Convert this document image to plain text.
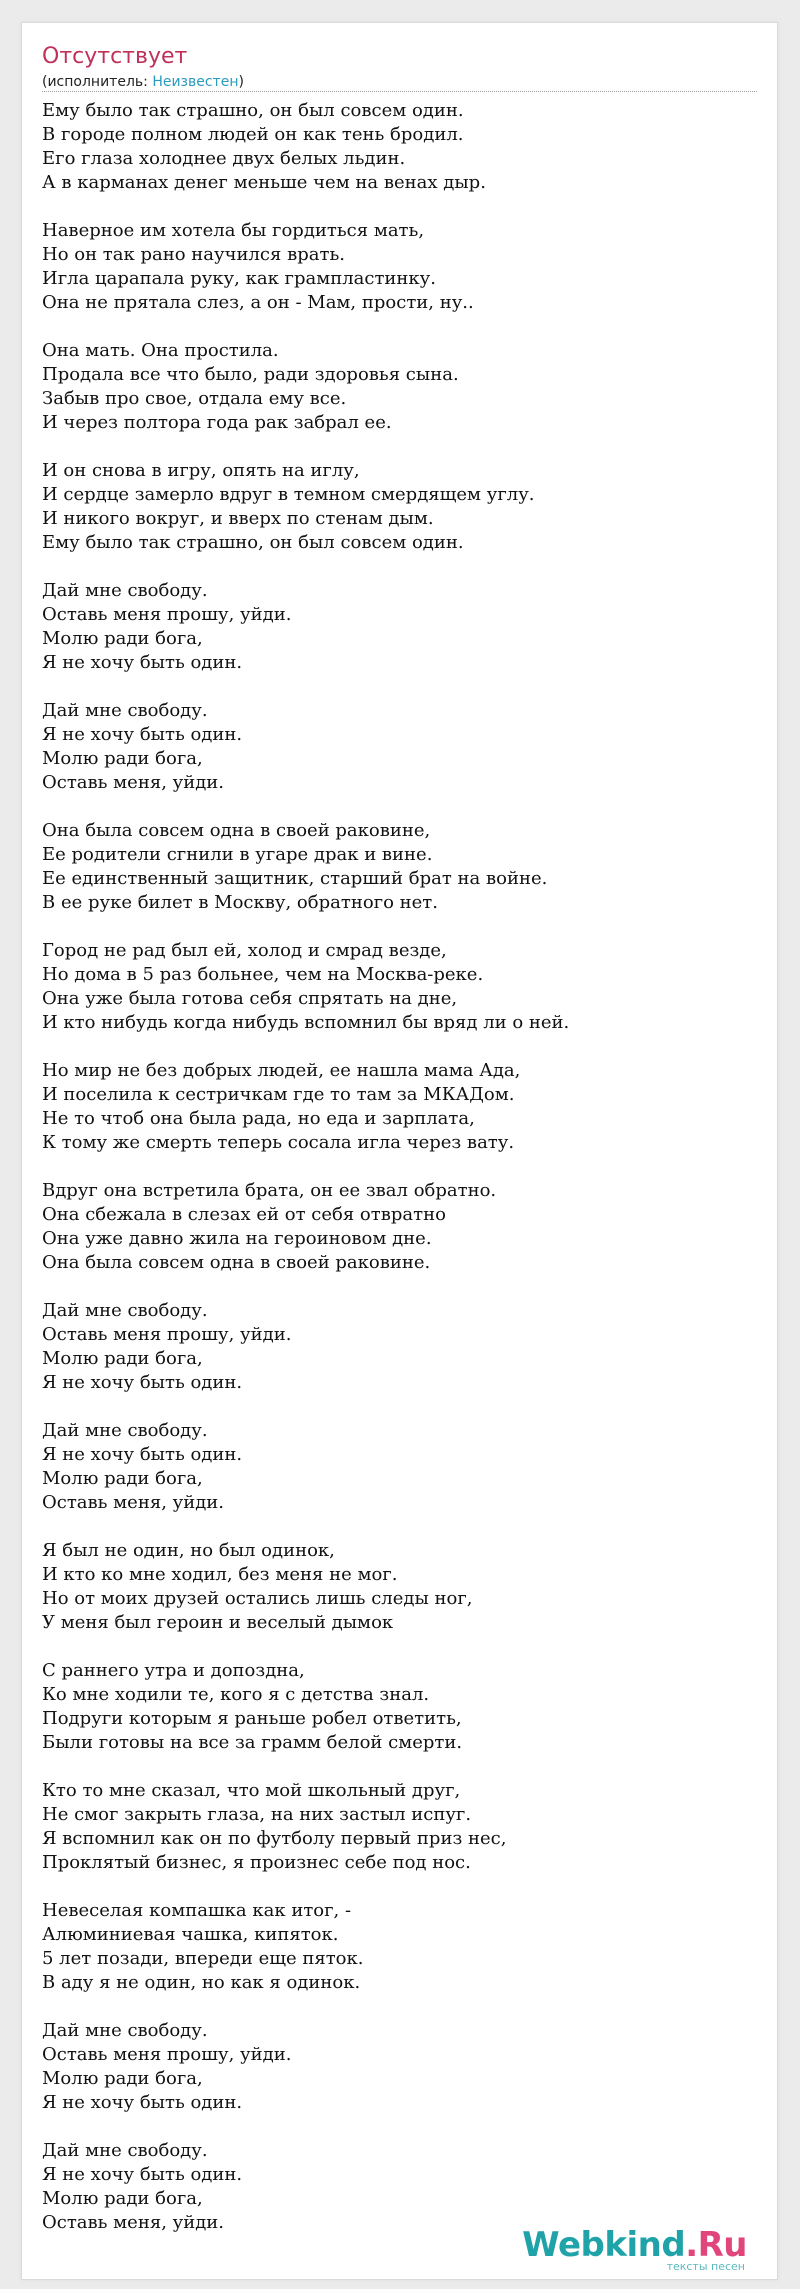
Отсутствует
(исполнитель: Неизвестен)
Ему было так страшно, он был совсем один.
В городе полном людей он как тень бродил.
Его глаза холоднее двух белых льдин.
А в карманах денег меньше чем на венах дыр.
Наверное им хотела бы гордиться мать,
Но он так рано научился врать.
Игла царапала руку, как грампластинку.
Она не прятала слез, а он - Мам, прости, ну..
Она мать. Она простила.
Продала все что было, ради здоровья сына.
Забыв про свое, отдала ему все.
И через полтора года рак забрал ее.
И он снова в игру, опять на иглу,
И сердце замерло вдруг в темном смердящем углу.
И никого вокруг, и вверх по стенам дым.
Ему было так страшно, он был совсем один.
Дай мне свободу.
Оставь меня прошу, уйди.
Молю ради бога,
Я не хочу быть один.
Дай мне свободу.
Я не хочу быть один.
Молю ради бога,
Оставь меня, уйди.
Она была совсем одна в своей раковине,
Ее родители сгнили в угаре драк и вине.
Ее единственный защитник, старший брат на войне.
В ее руке билет в Москву, обратного нет.
Город не рад был ей, холод и смрад везде,
Но дома в 5 раз больнее, чем на Москва-реке.
Она уже была готова себя спрятать на дне,
И кто нибудь когда нибудь вспомнил бы вряд ли о ней.
Но мир не без добрых людей, ее нашла мама Ада,
И поселила к сестричкам где то там за МКАДом.
Не то чтоб она была рада, но еда и зарплата,
К тому же смерть теперь сосала игла через вату.
Вдруг она встретила брата, он ее звал обратно.
Она сбежала в слезах ей от себя отвратно
Она уже давно жила на героиновом дне.
Она была совсем одна в своей раковине.
Дай мне свободу.
Оставь меня прошу, уйди.
Молю ради бога,
Я не хочу быть один.
Дай мне свободу.
Я не хочу быть один.
Молю ради бога,
Оставь меня, уйди.
Я был не один, но был одинок,
И кто ко мне ходил, без меня не мог.
Но от моих друзей остались лишь следы ног,
У меня был героин и веселый дымок
С раннего утра и допоздна,
Ко мне ходили те, кого я с детства знал.
Подруги которым я раньше робел ответить,
Были готовы на все за грамм белой смерти.
Кто то мне сказал, что мой школьный друг,
Не смог закрыть глаза, на них застыл испуг.
Я вспомнил как он по футболу первый приз нес,
Проклятый бизнес, я произнес себе под нос.
Невеселая компашка как итог, -
Алюминиевая чашка, кипяток.
5 лет позади, впереди еще пяток.
В аду я не один, но как я одинок.
Дай мне свободу.
Оставь меня прошу, уйди.
Молю ради бога,
Я не хочу быть один.
Дай мне свободу.
Я не хочу быть один.
Молю ради бога,
Оставь меня, уйди.
Webkind.Ru
тексты песен
